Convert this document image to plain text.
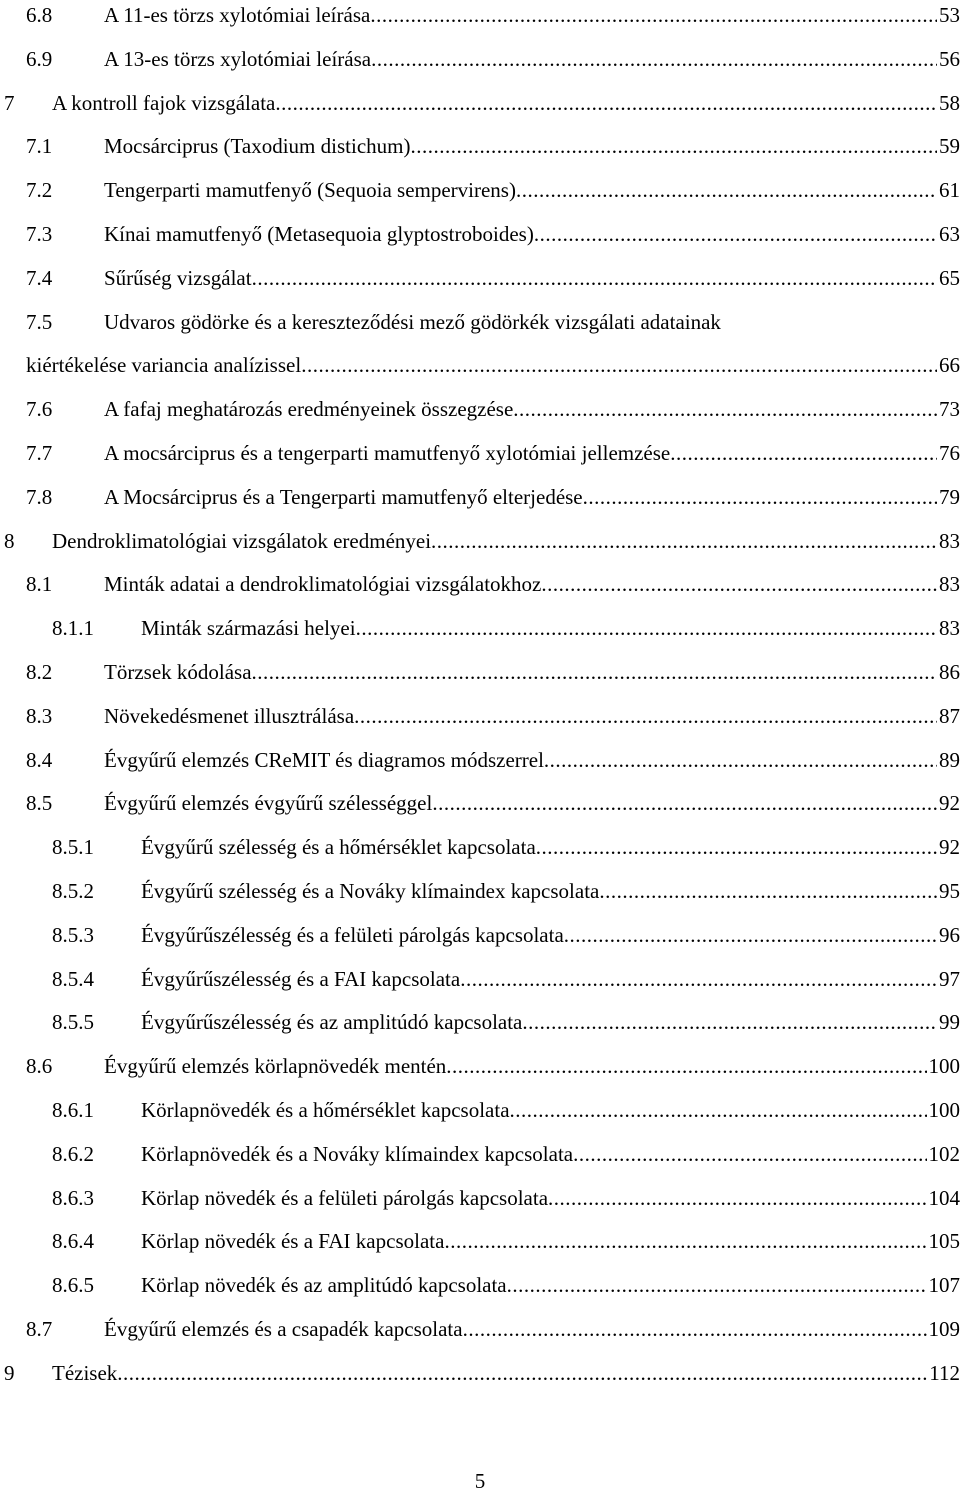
6.8 A 11-es törzs xylotómiai leírása .....	53
6.9 A 13-es törzs xylotómiai leírása .....	56
7 A kontroll fajok vizsgálata .....	58
7.1 Mocsárciprus (Taxodium distichum) .....	59
7.2 Tengerparti mamutfenyő (Sequoia sempervirens) .....	61
7.3 Kínai mamutfenyő (Metasequoia glyptostroboides) .....	63
7.4 Sűrűség vizsgálat .....	65
7.5 Udvaros gödörke és a kereszteződési mező gödörkék vizsgálati adatainak
kiértékelése variancia analízissel .....	66
7.6 A fafaj meghatározás eredményeinek összegzése .....	73
7.7 A mocsárciprus és a tengerparti mamutfenyő xylotómiai jellemzése .....	76
7.8 A Mocsárciprus és a Tengerparti mamutfenyő elterjedése .....	79
8 Dendroklimatológiai vizsgálatok eredményei .....	83
8.1 Minták adatai a dendroklimatológiai vizsgálatokhoz .....	83
8.1.1 Minták származási helyei .....	83
8.2 Törzsek kódolása .....	86
8.3 Növekedésmenet illusztrálása .....	87
8.4 Évgyűrű elemzés CReMIT és diagramos módszerrel .....	89
8.5 Évgyűrű elemzés évgyűrű szélességgel .....	92
8.5.1 Évgyűrű szélesség és a hőmérséklet kapcsolata .....	92
8.5.2 Évgyűrű szélesség és a Nováky klímaindex kapcsolata .....	95
8.5.3 Évgyűrűszélesség és a felületi párolgás kapcsolata .....	96
8.5.4 Évgyűrűszélesség és a FAI kapcsolata .....	97
8.5.5 Évgyűrűszélesség és az amplitúdó kapcsolata .....	99
8.6 Évgyűrű elemzés körlapnövedék mentén .....	100
8.6.1 Körlapnövedék és a hőmérséklet kapcsolata .....	100
8.6.2 Körlapnövedék és a Nováky klímaindex kapcsolata .....	102
8.6.3 Körlap növedék és a felületi párolgás kapcsolata .....	104
8.6.4 Körlap növedék és a FAI kapcsolata .....	105
8.6.5 Körlap növedék és az amplitúdó kapcsolata .....	107
8.7 Évgyűrű elemzés és a csapadék kapcsolata .....	109
9 Tézisek .....	112
5
